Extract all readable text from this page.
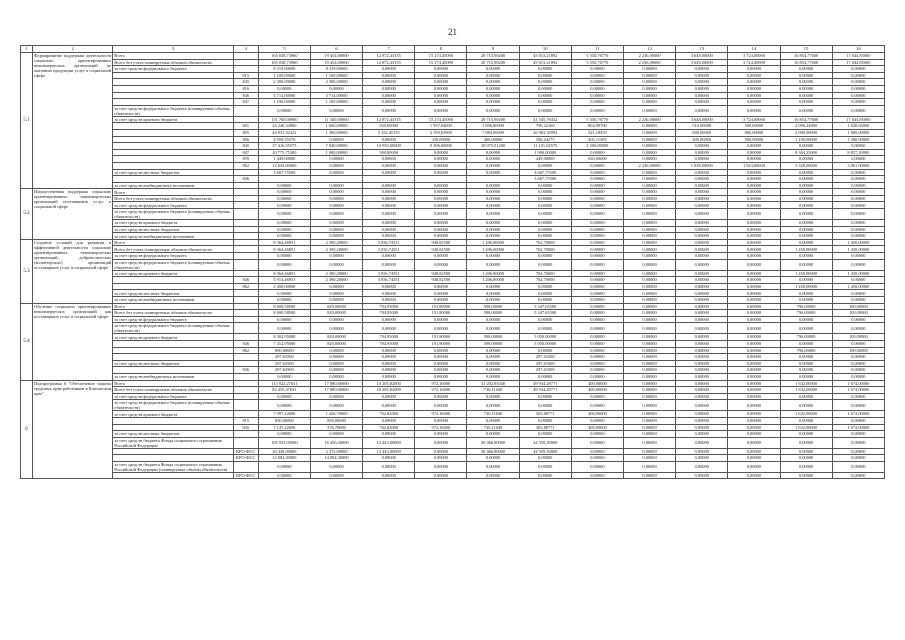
21
1	2	3	4	5	6	7	8	9	10	11	12	13	14	15	16
5.1	Формирование поддержки деятельности социально ориентированных некоммерческих организаций по оказанию продукции услуг в социальной сфере	Всего		165 038,73960	19 454,00000	12 872,43155	15 274,45090	20 715,90200	45 013,21892	5 550,76770	2 236,00000	3 648,00000	3 724,00000	16 854,77600	17 044,85000
		Всего без учета планируемых объемов обязательств		165 038,73960	19 454,00000	12 872,43155	15 274,45090	20 715,90200	45 013,21892	5 550,76770	2 236,00000	3 648,00000	3 724,00000	16 854,77600	17 044,85000
		за счет средств федерального бюджета		8 319,00000	8 319,00000	0,00000	0,00000	0,00000	0,00000	0,00000	0,00000	0,00000	0,00000	0,00000	0,00000
			815	1 100,00000	1 100,00000	0,00000	0,00000	0,00000	0,00000	0,00000	0,00000	0,00000	0,00000	0,00000	0,00000
			845	2 300,00000	2 300,00000	0,00000	0,00000	0,00000	0,00000	0,00000	0,00000	0,00000	0,00000	0,00000	0,00000
			816	0,00000	0,00000	0,00000	0,00000	0,00000	0,00000	0,00000	0,00000	0,00000	0,00000	0,00000	0,00000
			846	3 714,00000	3 714,00000	0,00000	0,00000	0,00000	0,00000	0,00000	0,00000	0,00000	0,00000	0,00000	0,00000
			847	1 100,00000	1 100,00000	0,00000	0,00000	0,00000	0,00000	0,00000	0,00000	0,00000	0,00000	0,00000	0,00000
		за счет средств федерального бюджета (планируемые объемы обязательств)		0,00000	0,00000	0,00000	0,00000	0,00000	0,00000	0,00000	0,00000	0,00000	0,00000	0,00000	0,00000
		за счет средств краевого бюджета		151 760,00960	11 340,00000	12 872,43155	15 274,45090	20 715,90200	41 345,78432	5 550,76770	2 236,00000	3 648,00000	3 724,00000	16 854,77600	17 044,85000
			801	24 246,34960	1 600,00000	920,00000	1 957,84000	1 896,00000	790,22160	804,99700	0,00000	510,00000	500,00000	2 090,24800	1 820,65000
			805	44 831,32322	1 300,00000	3 152,45155	2 559,65900	7 084,90000	26 963,35992	521,18455	0,00000	800,00000	800,00000	2 000,00000	1 800,00000
			806	4 959,35570	0,00000	0,00000	330,00000	400,00000	356,24275	403,11295	0,00000	400,00000	500,00000	1 100,00000	1 300,00000
			845	37 416,55575	7 940,00000	10 950,00000	9 396,00000	10 075,91200	11 101,02575	2 500,00000	0,00000	0,00000	0,00000	0,00000	0,00000
			847	20 775,75300	1 000,00000	500,00000	0,00000	0,00000	1 900,00000	0,00000	0,00000	0,00000	0,00000	8 364,25000	8 857,20000
			859	1 449,00000	0,00000	0,00000	0,00000	0,00000	449,00000	650,00000	0,00000	0,00000	0,00000	0,00000	0,00000
			862	12 643,00000	0,00000	0,00000	0,00000	0,00000	0,00000	0,00000	2 236,00000	1 938,00000	1 924,00000	3 328,00000	3 861,00000
		за счет средств местных бюджетов		3 667,75500	0,00000	0,00000	0,00000	0,00000	3 667,75500	0,00000	0,00000	0,00000	0,00000	0,00000	0,00000
			846						3 667,75500	0,00000	0,00000	0,00000	0,00000	0,00000	0,00000
		за счет средств внебюджетных источников		0,00000	0,00000	0,00000	0,00000	0,00000	0,00000	0,00000	0,00000	0,00000	0,00000	0,00000	0,00000
5.2	Имущественная поддержка социально ориентированных некоммерческих организаций поставщиков услуг в социальной сфере	Всего		0,00000	0,00000	0,00000	0,00000	0,00000	0,00000	0,00000	0,00000	0,00000	0,00000	0,00000	0,00000
		Всего без учета планируемых объемов обязательств		0,00000	0,00000	0,00000	0,00000	0,00000	0,00000	0,00000	0,00000	0,00000	0,00000	0,00000	0,00000
		за счет средств федерального бюджета		0,00000	0,00000	0,00000	0,00000	0,00000	0,00000	0,00000	0,00000	0,00000	0,00000	0,00000	0,00000
		за счет средств федерального бюджета (планируемые объемы обязательств)		0,00000	0,00000	0,00000	0,00000	0,00000	0,00000	0,00000	0,00000	0,00000	0,00000	0,00000	0,00000
		за счет средств краевого бюджета		0,00000	0,00000	0,00000	0,00000	0,00000	0,00000	0,00000	0,00000	0,00000	0,00000	0,00000	0,00000
		за счет средств местных бюджетов		0,00000	0,00000	0,00000	0,00000	0,00000	0,00000	0,00000	0,00000	0,00000	0,00000	0,00000	0,00000
		за счет средств внебюджетных источников		0,00000	0,00000	0,00000	0,00000	0,00000	0,00000	0,00000	0,00000	0,00000	0,00000	0,00000	0,00000
5.3	Создание условий для развития и эффективной деятельности социально ориентированных некоммерческих организаций, добровольческих (волонтерских) организаций поставщиков услуг в социальной сфере	Всего		8 364,46851	2 390,20000	3 056,74551	948,82500	1 206,00000	762,70000	0,00000	0,00000	0,00000	0,00000	0,00000	1 450,00000
		Всего без учета планируемых объемов обязательств		8 364,46851	2 390,20000	3 056,74551	948,82500	1 206,00000	762,70000	0,00000	0,00000	0,00000	0,00000	1 450,00000	1 450,00000
		за счет средств федерального бюджета		0,00000	0,00000	0,00000	0,00000	0,00000	0,00000	0,00000	0,00000	0,00000	0,00000	0,00000	0,00000
		за счет средств федерального бюджета (планируемые объемы обязательств)		0,00000	0,00000	0,00000	0,00000	0,00000	0,00000	0,00000	0,00000	0,00000	0,00000	0,00000	0,00000
		за счет средств краевого бюджета		8 364,46851	2 390,20000	3 056,74551	948,82500	1 206,00000	762,70000	0,00000	0,00000	0,00000	0,00000	1 450,00000	1 450,00000
			846	5 914,46851	2 390,20000	3 056,74551	948,82500	1 206,00000	762,70000	0,00000	0,00000	0,00000	0,00000	0,00000	0,00000
			862	2 450,00000	0,00000	0,00000	0,00000	0,00000	0,00000	0,00000	0,00000	0,00000	0,00000	1 450,00000	1 450,00000
		за счет средств местных бюджетов		0,00000	0,00000	0,00000	0,00000	0,00000	0,00000	0,00000	0,00000	0,00000	0,00000	0,00000	0,00000
		за счет средств внебюджетных источников		0,00000	0,00000	0,00000	0,00000	0,00000	0,00000	0,00000	0,00000	0,00000	0,00000	0,00000	0,00000
5.4	Обучение социально ориентированных некоммерческих организаций как поставщиков услуг в социальной сфере	Всего		8 600,58500	820,00000	794,95000	191,80000	598,00000	5 347,63500	0,00000	0,00000	0,00000	0,00000	796,00000	100,00000
		Всего без учета планируемых объемов обязательств		8 600,58500	820,00000	794,95000	191,80000	598,00000	5 347,63500	0,00000	0,00000	0,00000	0,00000	796,00000	100,00000
		за счет средств федерального бюджета		0,00000	0,00000	0,00000	0,00000	0,00000	0,00000	0,00000	0,00000	0,00000	0,00000	0,00000	0,00000
		за счет средств федерального бюджета (планируемые объемы обязательств)		0,00000	0,00000	0,00000	0,00000	0,00000	0,00000	0,00000	0,00000	0,00000	0,00000	0,00000	0,00000
		за счет средств краевого бюджета		8 302,95000	820,00000	794,95000	191,80000	598,00000	5 050,00000	0,00000	0,00000	0,00000	0,00000	796,00000	100,00000
			846	7 412,95000	820,00000	794,95000	191,80000	598,00000	5 050,00000	0,00000	0,00000	0,00000	0,00000	0,00000	0,00000
			862	890,00000	0,00000	0,00000	0,00000	0,00000	0,00000	0,00000	0,00000	0,00000	0,00000	796,00000	100,00000
				297,63500	0,00000	0,00000	0,00000	0,00000	297,63500	0,00000	0,00000	0,00000	0,00000	0,00000	0,00000
		за счет средств местных бюджетов		297,63500	0,00000	0,00000	0,00000	0,00000	297,63500	0,00000	0,00000	0,00000	0,00000	0,00000	0,00000
			846	297,63500	0,00000	0,00000	0,00000	0,00000	297,63500	0,00000	0,00000	0,00000	0,00000	0,00000	0,00000
		за счет средств внебюджетных источников		0,00000	0,00000	0,00000	0,00000	0,00000	0,00000	0,00000	0,00000	0,00000	0,00000	0,00000	0,00000
6	Подпрограмма 6 "Обеспечение защиты трудовых прав работников в Камчатском крае"	Всего		113 922,27631	17 880,00000	10 205,82000	972,16000	31 282,91040	49 934,28771	400,00000	0,00000	0,00000	0,00000	1 632,00000	1 674,00000
		Всего без учета планируемых объемов обязательств		82 455,47631	17 880,00000	10 205,82000	972,16000	736,11040	49 934,28771	400,00000	0,00000	0,00000	0,00000	1 632,00000	1 674,00000
		за счет средств федерального бюджета		0,00000	0,00000	0,00000	0,00000	0,00000	0,00000	0,00000	0,00000	0,00000	0,00000	0,00000	0,00000
		за счет средств федерального бюджета (планируемые объемы обязательств)		0,00000	0,00000	0,00000	0,00000	0,00000	0,00000	0,00000	0,00000	0,00000	0,00000	0,00000	0,00000
		за счет средств краевого бюджета		7 997,22600	1 426,70000	762,82000	972,16000	736,11040	365,88771	400,00000	0,00000	0,00000	0,00000	1 632,00000	1 674,00000
			815	850,00000	850,00000	0,00000	0,00000	0,00000	0,00000	0,00000	0,00000	0,00000	0,00000	0,00000	0,00000
			845	7 147,22600	576,70000	762,82000	972,16000	736,11040	365,88771	400,00000	0,00000	0,00000	0,00000	1 632,00000	1 674,00000
		за счет средств местных бюджетов		0,00000	0,00000	0,00000	0,00000	0,00000	0,00000	0,00000	0,00000	0,00000	0,00000	0,00000	0,00000
		за счет средств бюджета Фонда социального страхования Российской Федерации		105 925,05000	16 456,30000	12 443,00000	0,00000	30 466,80000	44 559,30000	0,00000	0,00000	0,00000	0,00000	0,00000	0,00000
			КРО-ФСС	30 449,00000	2 372,80000	12 443,00000	0,00000	30 466,80000	44 559,30000	0,00000	0,00000	0,00000	0,00000	0,00000	0,00000
			КРО-ФСС	14 084,30000	14 084,30000	0,00000	0,00000	0,00000	0,00000	0,00000	0,00000	0,00000	0,00000	0,00000	0,00000
		за счет средств бюджета Фонда социального страхования Российской Федерации (планируемые объемы обязательств)		0,00000	0,00000	0,00000	0,00000	0,00000	0,00000	0,00000	0,00000	0,00000	0,00000	0,00000	0,00000
			КРО-ФСС	0,00000	0,00000	0,00000	0,00000	0,00000	0,00000	0,00000	0,00000	0,00000	0,00000	0,00000	0,00000
